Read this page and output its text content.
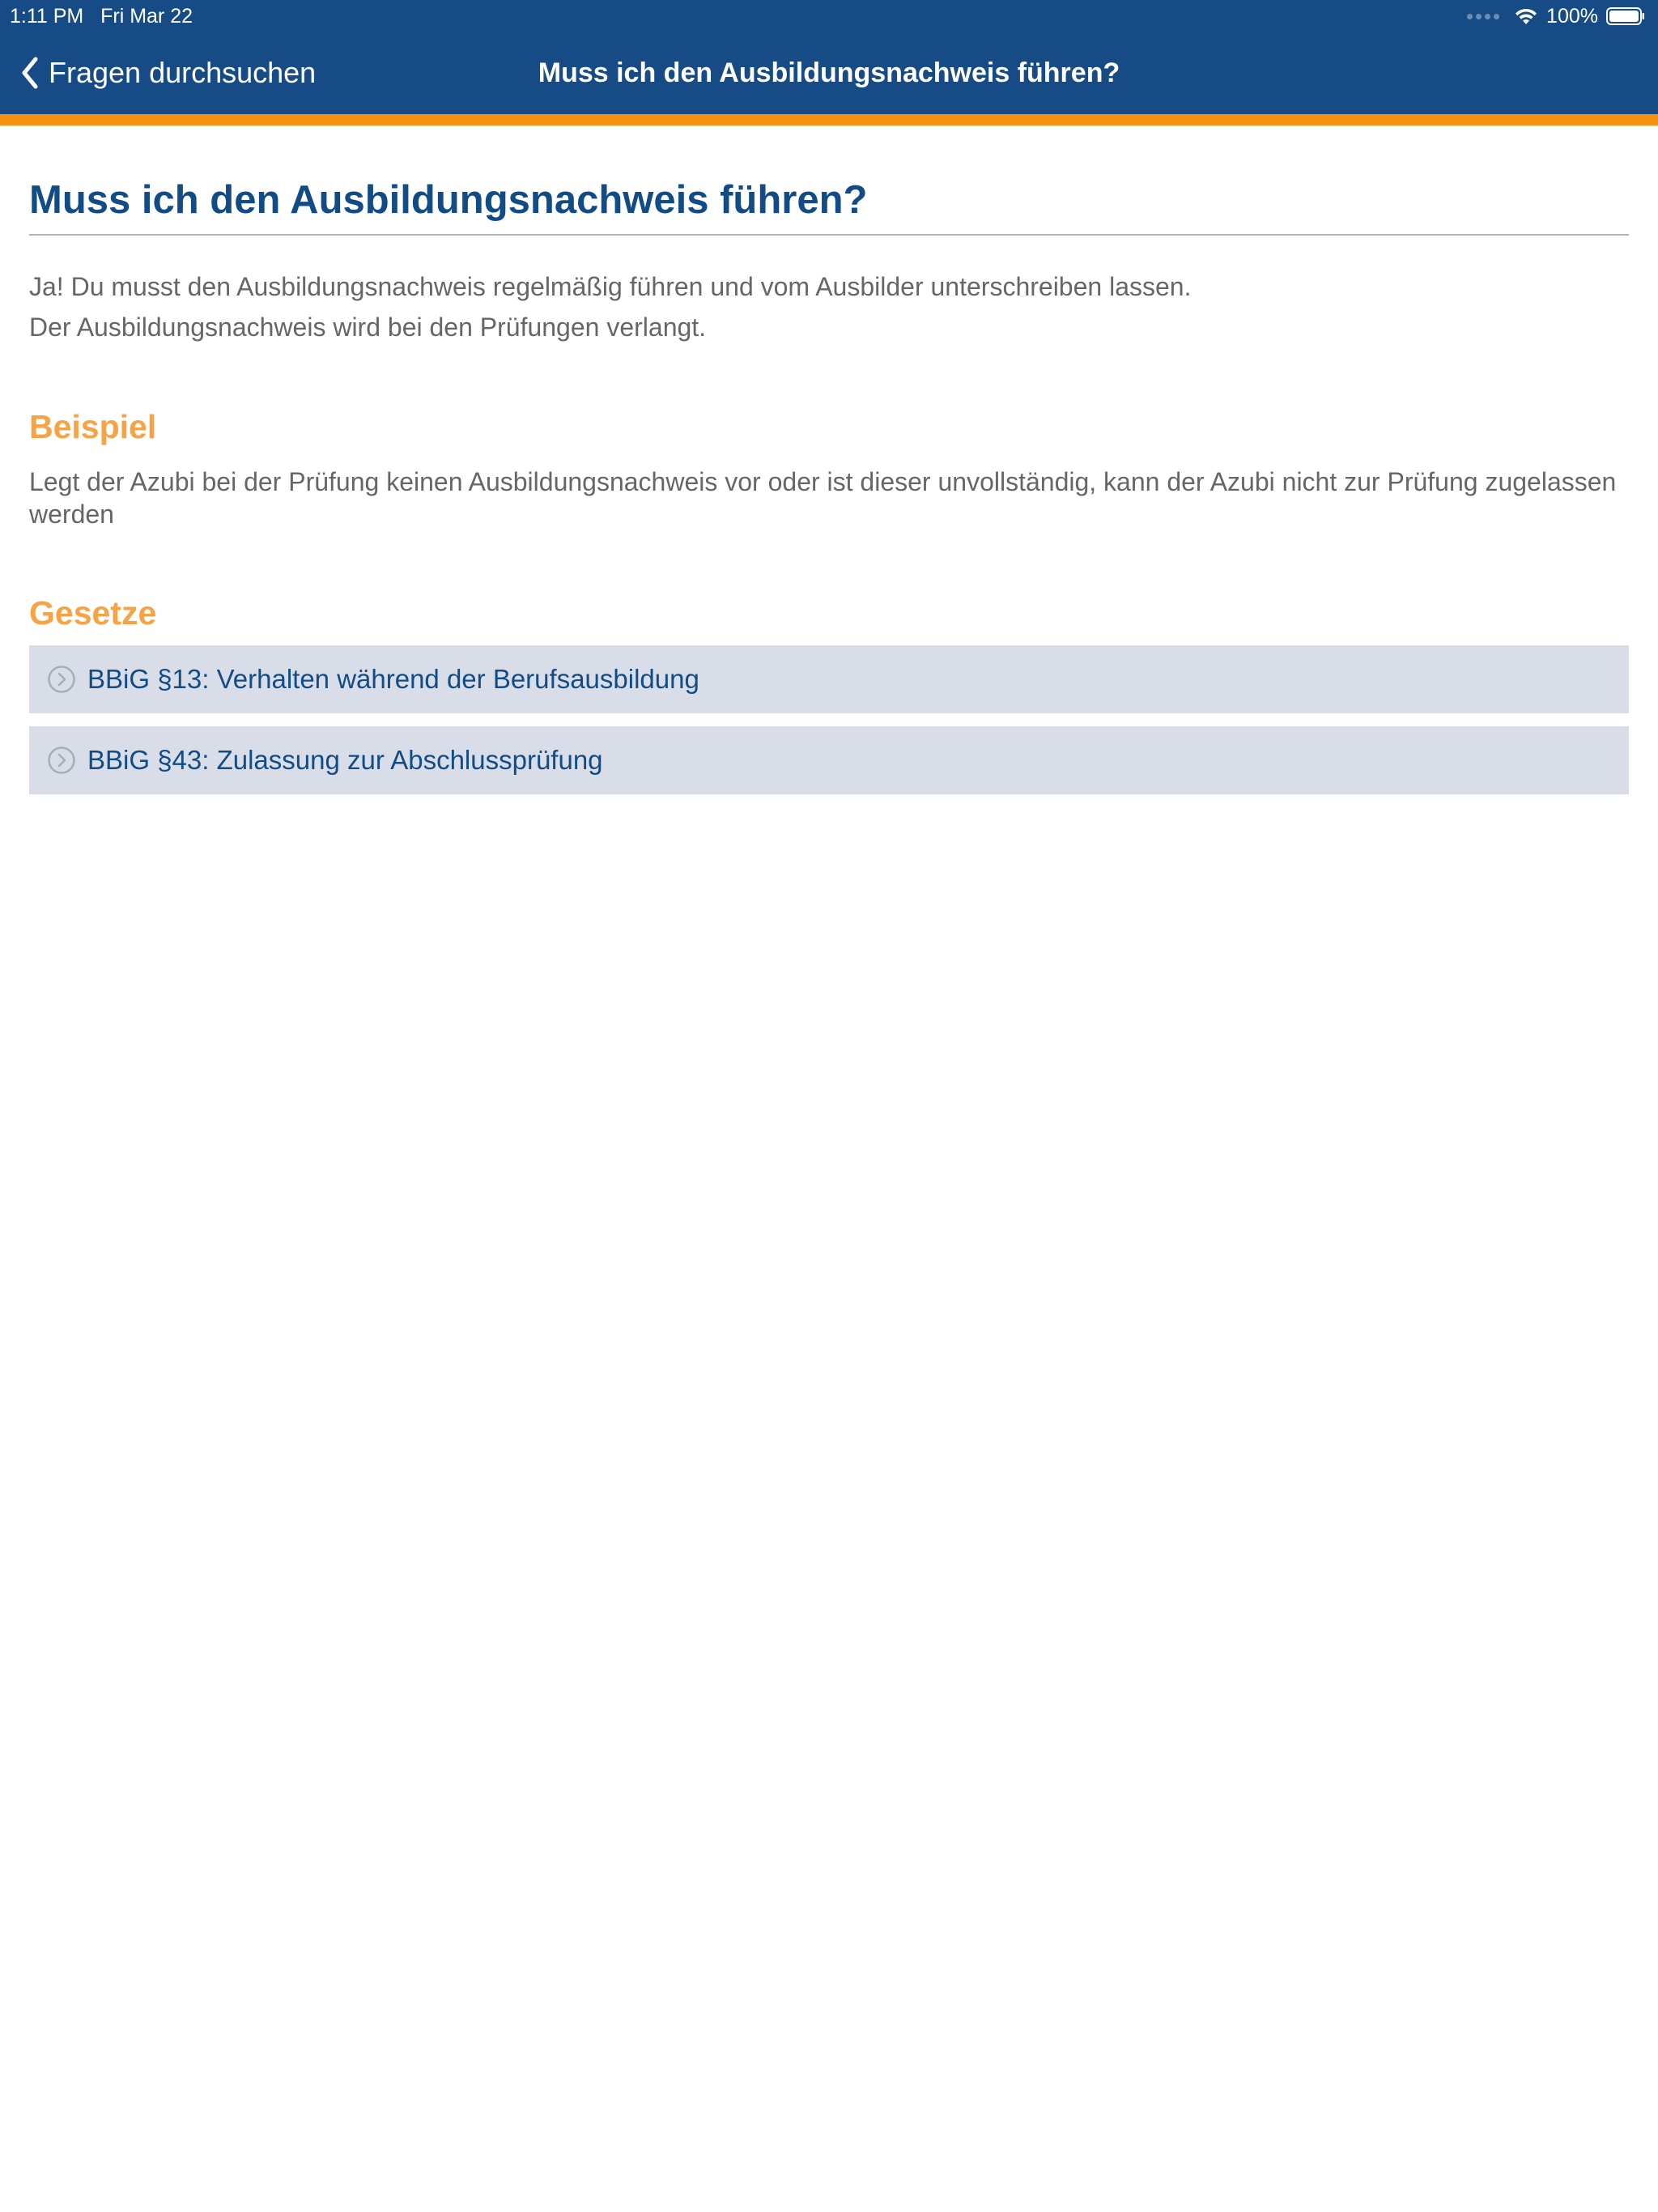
1:11 PM Fri Mar 22	100%
Muss ich den Ausbildungsnachweis führen?
Fragen durchsuchen
Muss ich den Ausbildungsnachweis führen?
Ja! Du musst den Ausbildungsnachweis regelmäßig führen und vom Ausbilder unterschreiben lassen.
Der Ausbildungsnachweis wird bei den Prüfungen verlangt.
Beispiel
Legt der Azubi bei der Prüfung keinen Ausbildungsnachweis vor oder ist dieser unvollständig, kann der Azubi nicht zur Prüfung zugelassen werden
Gesetze
BBiG §13: Verhalten während der Berufsausbildung
BBiG §43: Zulassung zur Abschlussprüfung
